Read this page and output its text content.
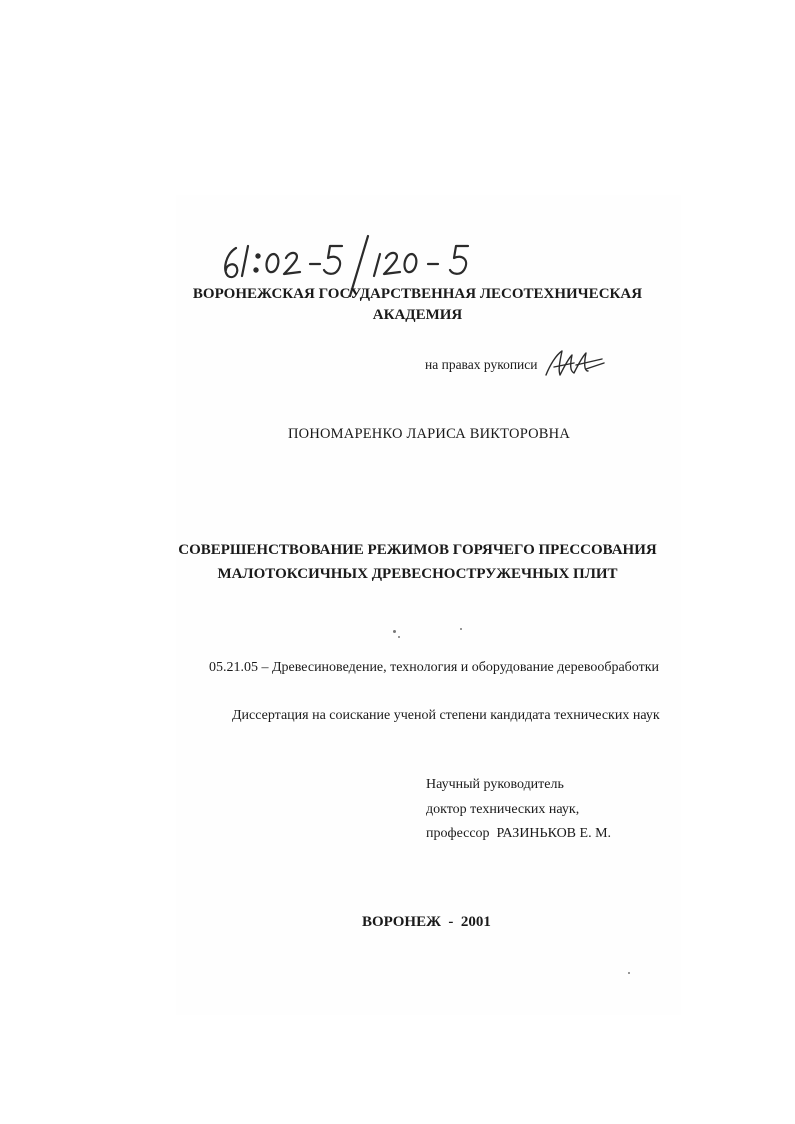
ВОРОНЕЖСКАЯ ГОСУДАРСТВЕННАЯ ЛЕСОТЕХНИЧЕСКАЯ
АКАДЕМИЯ
на правах рукописи
ПОНОМАРЕНКО ЛАРИСА ВИКТОРОВНА
СОВЕРШЕНСТВОВАНИЕ РЕЖИМОВ ГОРЯЧЕГО ПРЕССОВАНИЯ
МАЛОТОКСИЧНЫХ ДРЕВЕСНОСТРУЖЕЧНЫХ ПЛИТ
05.21.05 – Древесиноведение, технология и оборудование деревообработки
Диссертация на соискание ученой степени кандидата технических наук
Научный руководитель
доктор технических наук,
профессор  РАЗИНЬКОВ Е. М.
ВОРОНЕЖ  -  2001
